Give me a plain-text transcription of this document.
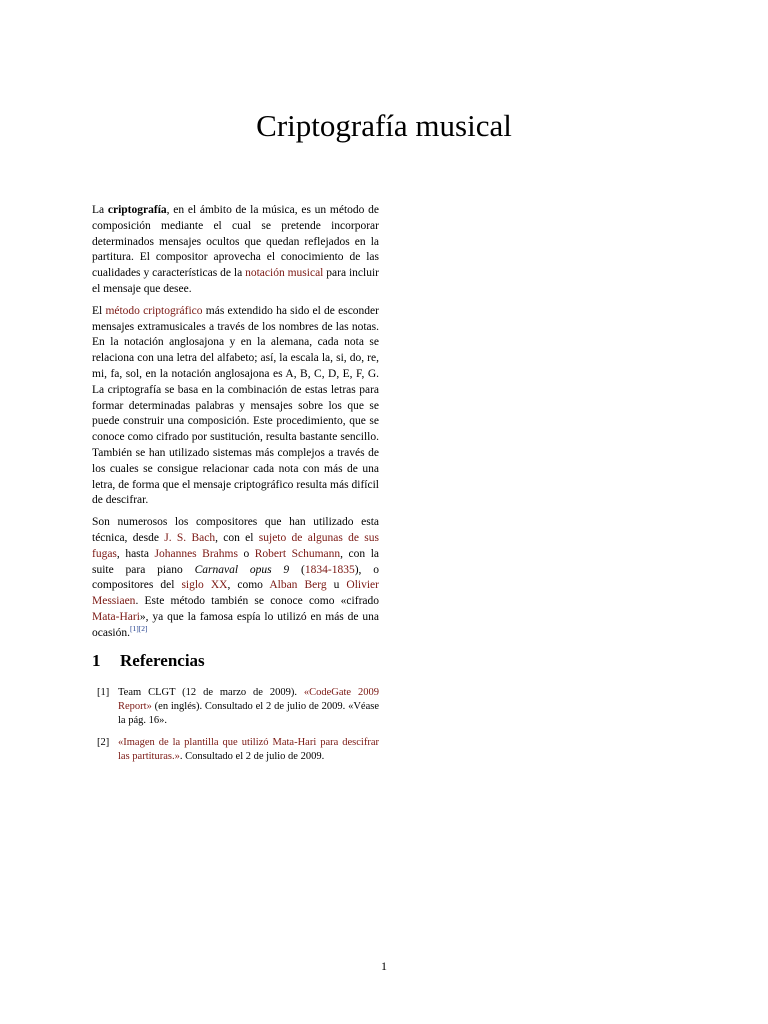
Criptografía musical

La criptografía, en el ámbito de la música, es un método de composición mediante el cual se pretende incorporar determinados mensajes ocultos que quedan reflejados en la partitura. El compositor aprovecha el conocimiento de las cualidades y características de la notación musical para incluir el mensaje que desee.

El método criptográfico más extendido ha sido el de esconder mensajes extramusicales a través de los nombres de las notas. En la notación anglosajona y en la alemana, cada nota se relaciona con una letra del alfabeto; así, la escala la, si, do, re, mi, fa, sol, en la notación anglosajona es A, B, C, D, E, F, G. La criptografía se basa en la combinación de estas letras para formar determinadas palabras y mensajes sobre los que se puede construir una composición. Este procedimiento, que se conoce como cifrado por sustitución, resulta bastante sencillo. También se han utilizado sistemas más complejos a través de los cuales se consigue relacionar cada nota con más de una letra, de forma que el mensaje criptográfico resulta más difícil de descifrar.

Son numerosos los compositores que han utilizado esta técnica, desde J. S. Bach, con el sujeto de algunas de sus fugas, hasta Johannes Brahms o Robert Schumann, con la suite para piano Carnaval opus 9 (1834-1835), o compositores del siglo XX, como Alban Berg u Olivier Messiaen. Este método también se conoce como «cifrado Mata-Hari», ya que la famosa espía lo utilizó en más de una ocasión.[1][2]

1 Referencias
[1] Team CLGT (12 de marzo de 2009). «CodeGate 2009 Report» (en inglés). Consultado el 2 de julio de 2009. «Véase la pág. 16».
[2] «Imagen de la plantilla que utilizó Mata-Hari para descifrar las partituras.». Consultado el 2 de julio de 2009.
1
